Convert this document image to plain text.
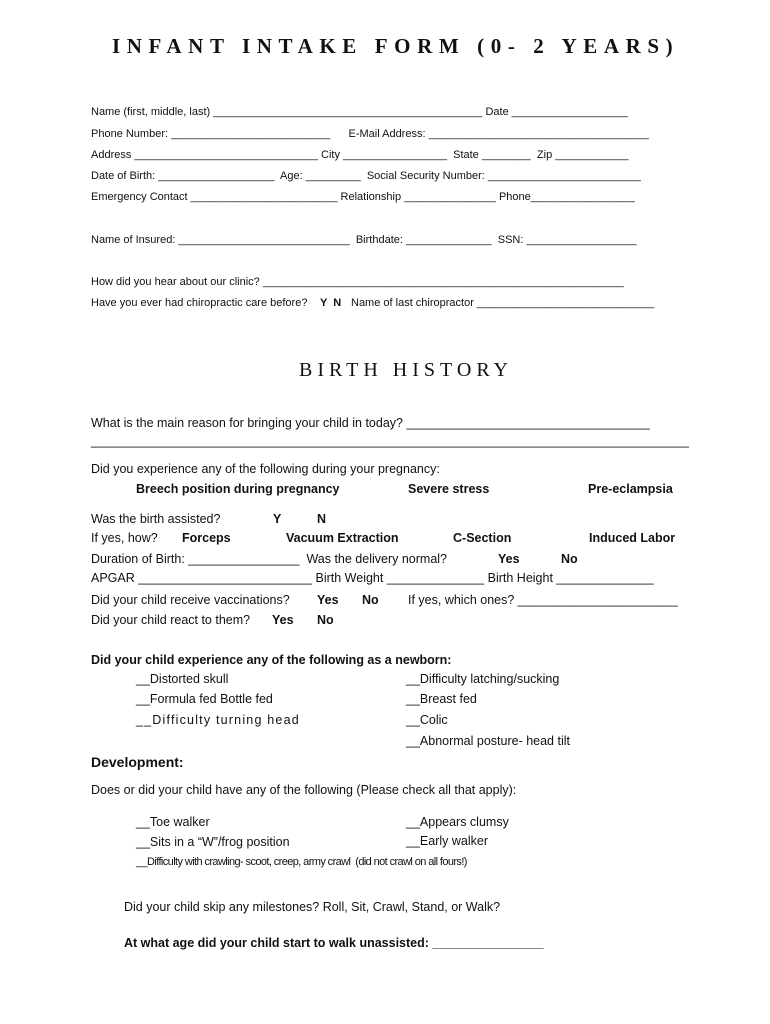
INFANT INTAKE FORM (0- 2 YEARS)
Name (first, middle, last) ____________________________________________ Date ___________________
Phone Number: __________________________      E-Mail Address: ____________________________________
Address ______________________________ City _________________  State ________  Zip ____________
Date of Birth: ___________________  Age: _________  Social Security Number: _________________________
Emergency Contact ________________________ Relationship _______________ Phone_________________
Name of Insured: ____________________________  Birthdate: ______________  SSN: __________________
How did you hear about our clinic? ___________________________________________________________
Have you ever had chiropractic care before? Y  N Name of last chiropractor _____________________________
BIRTH HISTORY
What is the main reason for bringing your child in today? ___________________________________
______________________________________________________________________________________
Did you experience any of the following during your pregnancy:
Breech position during pregnancy	Severe stress	Pre-eclampsia
Was the birth assisted?	Y	N
If yes, how? Forceps	Vacuum Extraction	C-Section	Induced Labor
Duration of Birth: ________________  Was the delivery normal?	Yes	No
APGAR _________________________ Birth Weight ______________ Birth Height ______________
Did your child receive vaccinations? Yes No If yes, which ones? _______________________
Did your child react to them? Yes No
Did your child experience any of the following as a newborn:
__Distorted skull
__Formula fed Bottle fed
__Difficulty turning head
__Difficulty latching/sucking
__Breast fed
__Colic
__Abnormal posture- head tilt
Development:
Does or did your child have any of the following (Please check all that apply):
__Toe walker
__Sits in a “W”/frog position
__Appears clumsy
__Early walker
__Difficulty with crawling- scoot, creep, army crawl  (did not crawl on all fours!)
Did your child skip any milestones? Roll, Sit, Crawl, Stand, or Walk?
At what age did your child start to walk unassisted: ________________
